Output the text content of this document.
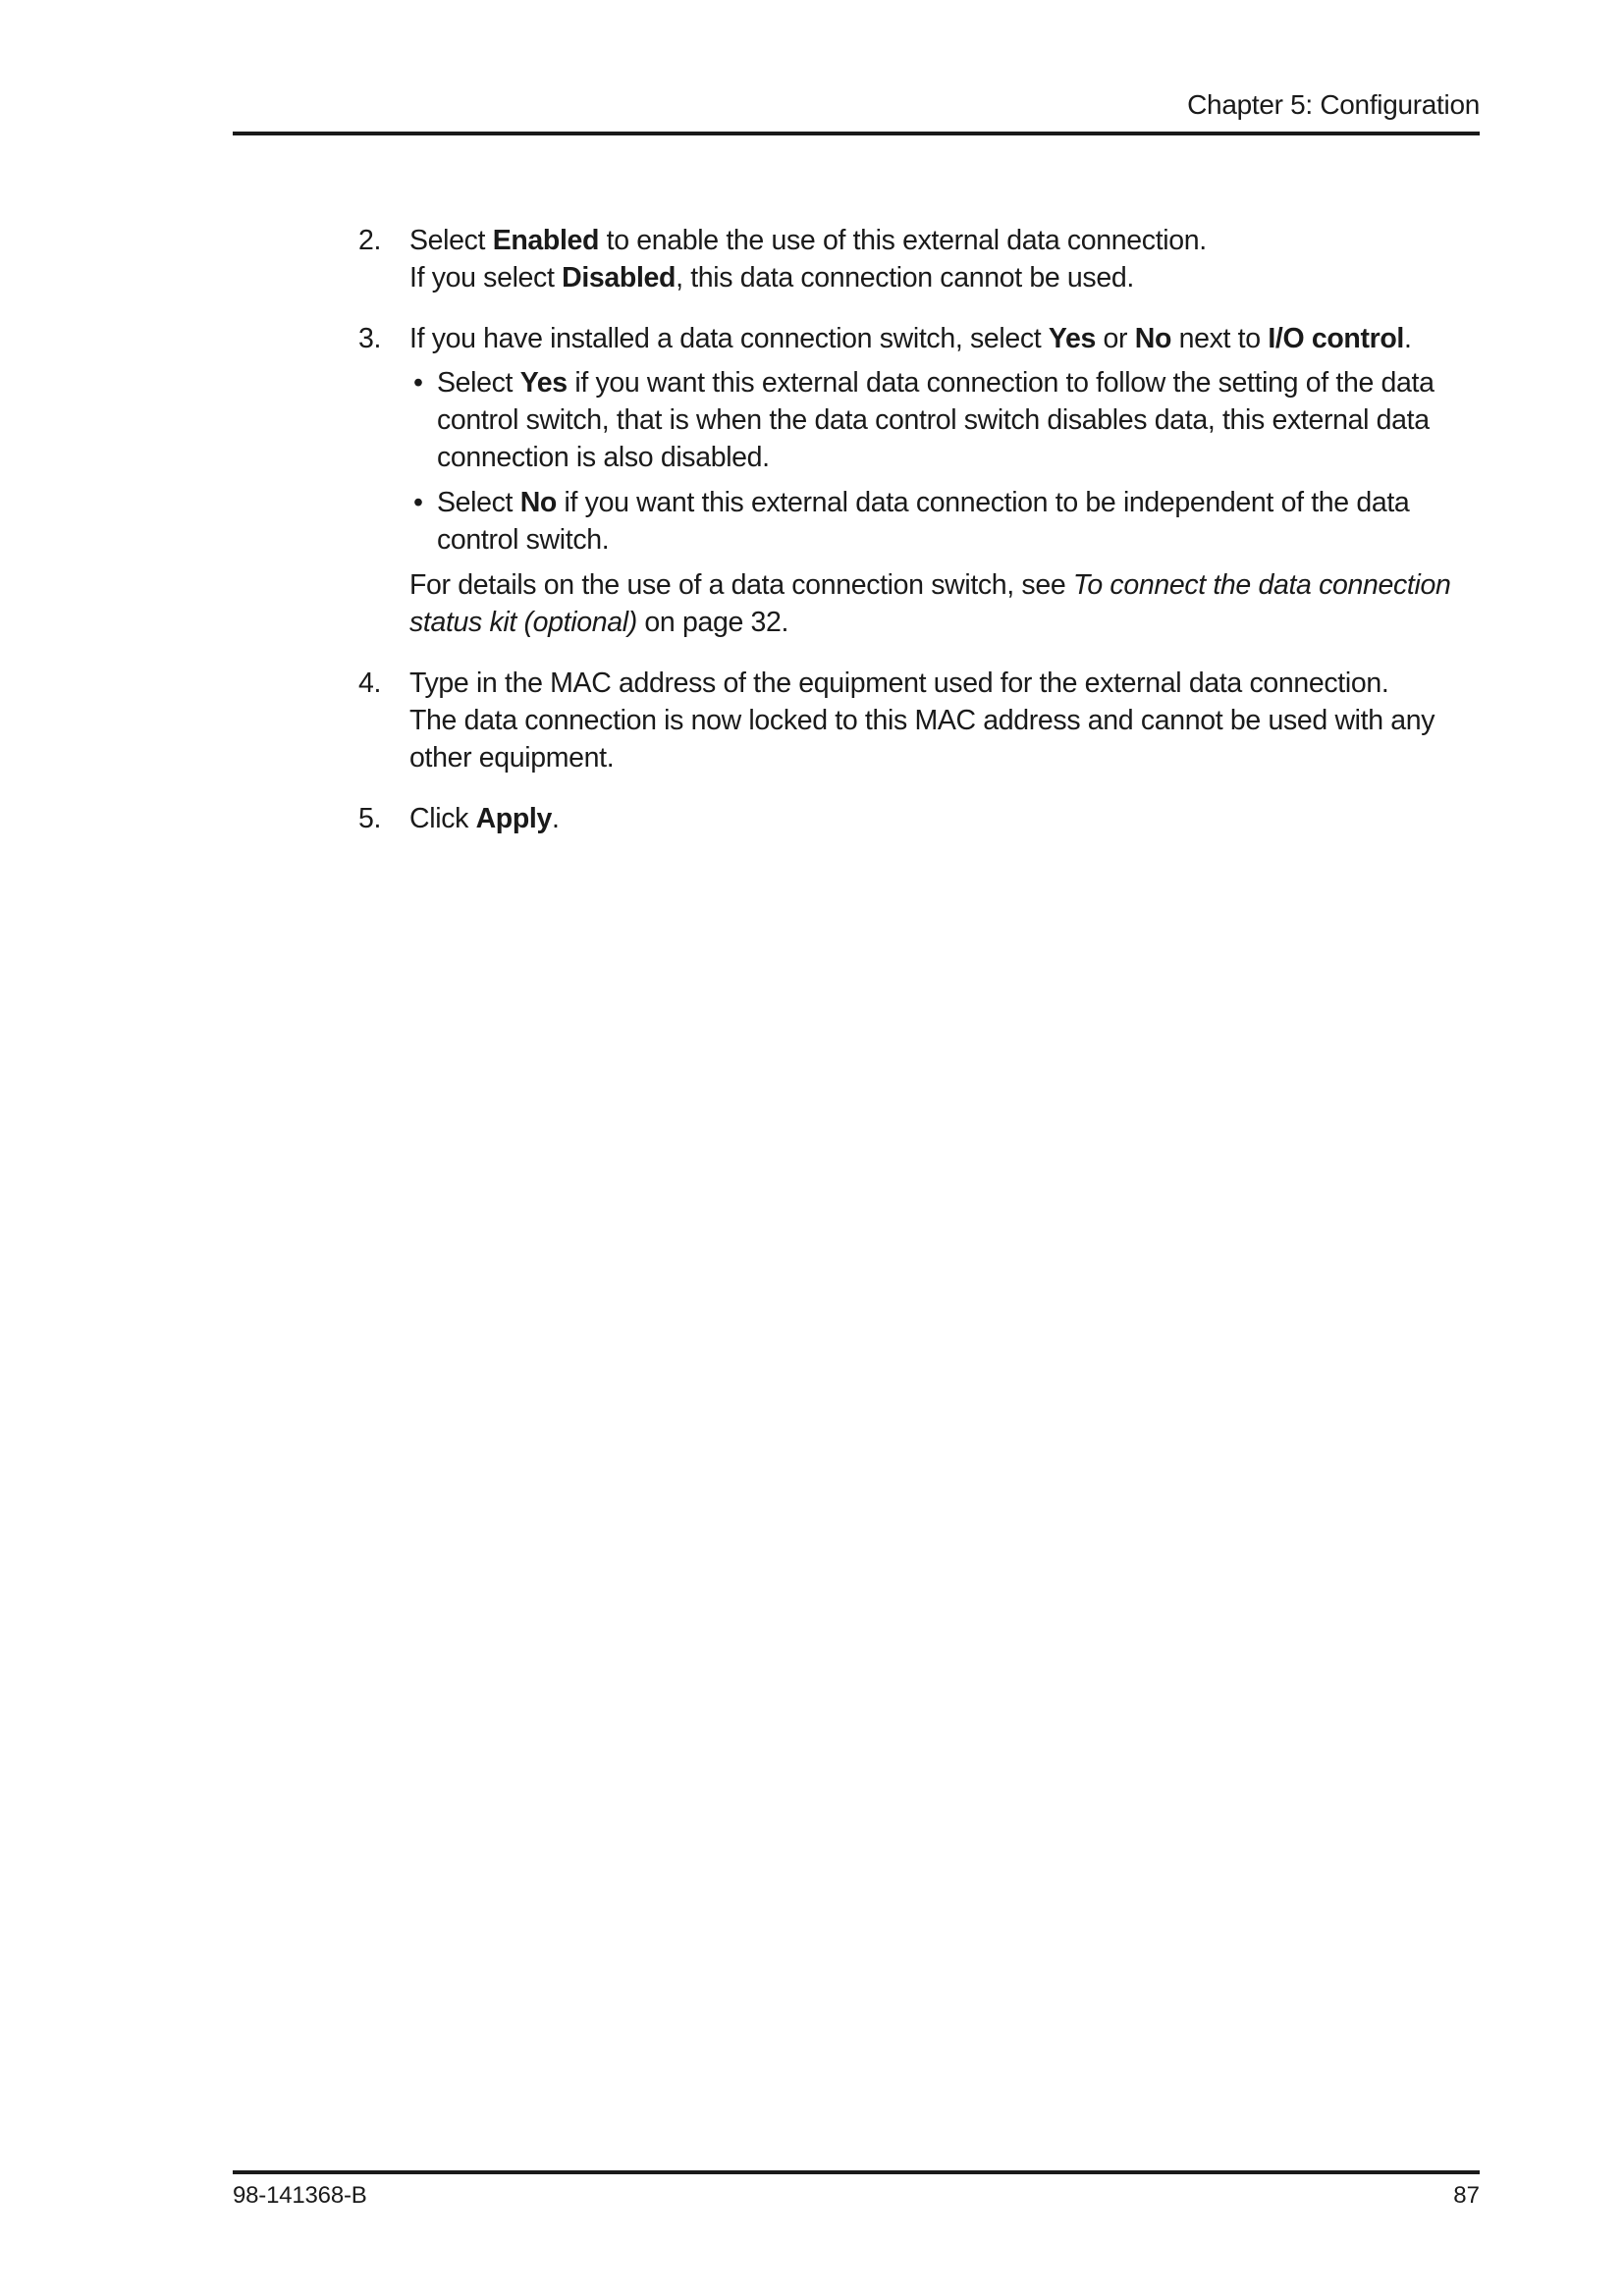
Chapter 5: Configuration
2. Select Enabled to enable the use of this external data connection.
If you select Disabled, this data connection cannot be used.
3. If you have installed a data connection switch, select Yes or No next to I/O control.
• Select Yes if you want this external data connection to follow the setting of the data control switch, that is when the data control switch disables data, this external data connection is also disabled.
• Select No if you want this external data connection to be independent of the data control switch.
For details on the use of a data connection switch, see To connect the data connection status kit (optional) on page 32.
4. Type in the MAC address of the equipment used for the external data connection.
The data connection is now locked to this MAC address and cannot be used with any other equipment.
5. Click Apply.
98-141368-B	87
